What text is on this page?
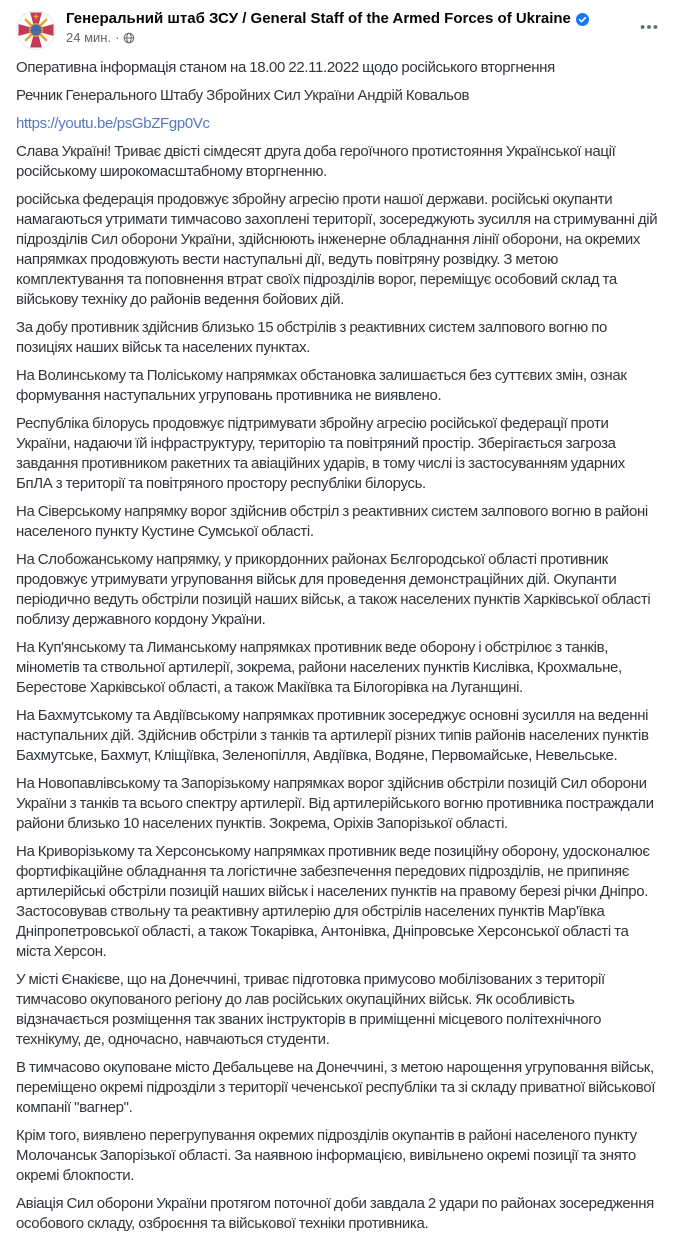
Генеральний штаб ЗСУ / General Staff of the Armed Forces of Ukraine
24 мин. ·

Оперативна інформація станом на 18.00 22.11.2022 щодо російського вторгнення

Речник Генерального Штабу Збройних Сил України Андрій Ковальов

https://youtu.be/psGbZFgp0Vc

Слава Україні! Триває двісті сімдесят друга доба героїчного протистояння Української нації російському широкомасштабному вторгненню.

російська федерація продовжує збройну агресію проти нашої держави. російські окупанти намагаються утримати тимчасово захоплені території, зосереджують зусилля на стримуванні дій підрозділів Сил оборони України, здійснюють інженерне обладнання лінії оборони, на окремих напрямках продовжують вести наступальні дії, ведуть повітряну розвідку. З метою комплектування та поповнення втрат своїх підрозділів ворог, переміщує особовий склад та військову техніку до районів ведення бойових дій.

За добу противник здійснив близько 15 обстрілів з реактивних систем залпового вогню по позиціях наших військ та населених пунктах.

На Волинському та Поліському напрямках обстановка залишається без суттєвих змін, ознак формування наступальних угруповань противника не виявлено.

Республіка білорусь продовжує підтримувати збройну агресію російської федерації проти України, надаючи їй інфраструктуру, територію та повітряний простір. Зберігається загроза завдання противником ракетних та авіаційних ударів, в тому числі із застосуванням ударних БпЛА з території та повітряного простору республіки білорусь.

На Сіверському напрямку ворог здійснив обстріл з реактивних систем залпового вогню в районі населеного пункту Кустине Сумської області.

На Слобожанському напрямку, у прикордонних районах Бєлгородської області противник продовжує утримувати угруповання військ для проведення демонстраційних дій. Окупанти періодично ведуть обстріли позицій наших військ, а також населених пунктів Харківської області поблизу державного кордону України.

На Куп'янському та Лиманському напрямках противник веде оборону і обстрілює з танків, мінометів та ствольної артилерії, зокрема, райони населених пунктів Кислівка, Крохмальне, Берестове Харківської області, а також Макіївка та Білогорівка на Луганщині.

На Бахмутському та Авдіївському напрямках противник зосереджує основні зусилля на веденні наступальних дій. Здійснив обстріли з танків та артилерії різних типів районів населених пунктів Бахмутське, Бахмут, Кліщіївка, Зеленопілля, Авдіївка, Водяне, Первомайське, Невельське.

На Новопавлівському та Запорізькому напрямках ворог здійснив обстріли позицій Сил оборони України з танків та всього спектру артилерії. Від артилерійського вогню противника постраждали райони близько 10 населених пунктів. Зокрема, Оріхів Запорізької області.

На Криворізькому та Херсонському напрямках противник веде позиційну оборону, удосконалює фортифікаційне обладнання та логістичне забезпечення передових підрозділів, не припиняє артилерійські обстріли позицій наших військ і населених пунктів на правому березі річки Дніпро. Застосовував ствольну та реактивну артилерію для обстрілів населених пунктів Мар'ївка Дніпропетровської області, а також Токарівка, Антонівка, Дніпровське Херсонської області та міста Херсон.

У місті Єнакієве, що на Донеччині, триває підготовка примусово мобілізованих з території тимчасово окупованого регіону до лав російських окупаційних військ. Як особливість відзначається розміщення так званих інструкторів в приміщенні місцевого політехнічного технікуму, де, одночасно, навчаються студенти.

В тимчасово окуповане місто Дебальцеве на Донеччині, з метою нарощення угруповання військ, переміщено окремі підрозділи з території чеченської республіки та зі складу приватної військової компанії "вагнер".

Крім того, виявлено перегрупування окремих підрозділів окупантів в районі населеного пункту Молочанськ Запорізької області. За наявною інформацією, вивільнено окремі позиції та знято окремі блокпости.

Авіація Сил оборони України протягом поточної доби завдала 2 удари по районах зосередження особового складу, озброєння та військової техніки противника.
